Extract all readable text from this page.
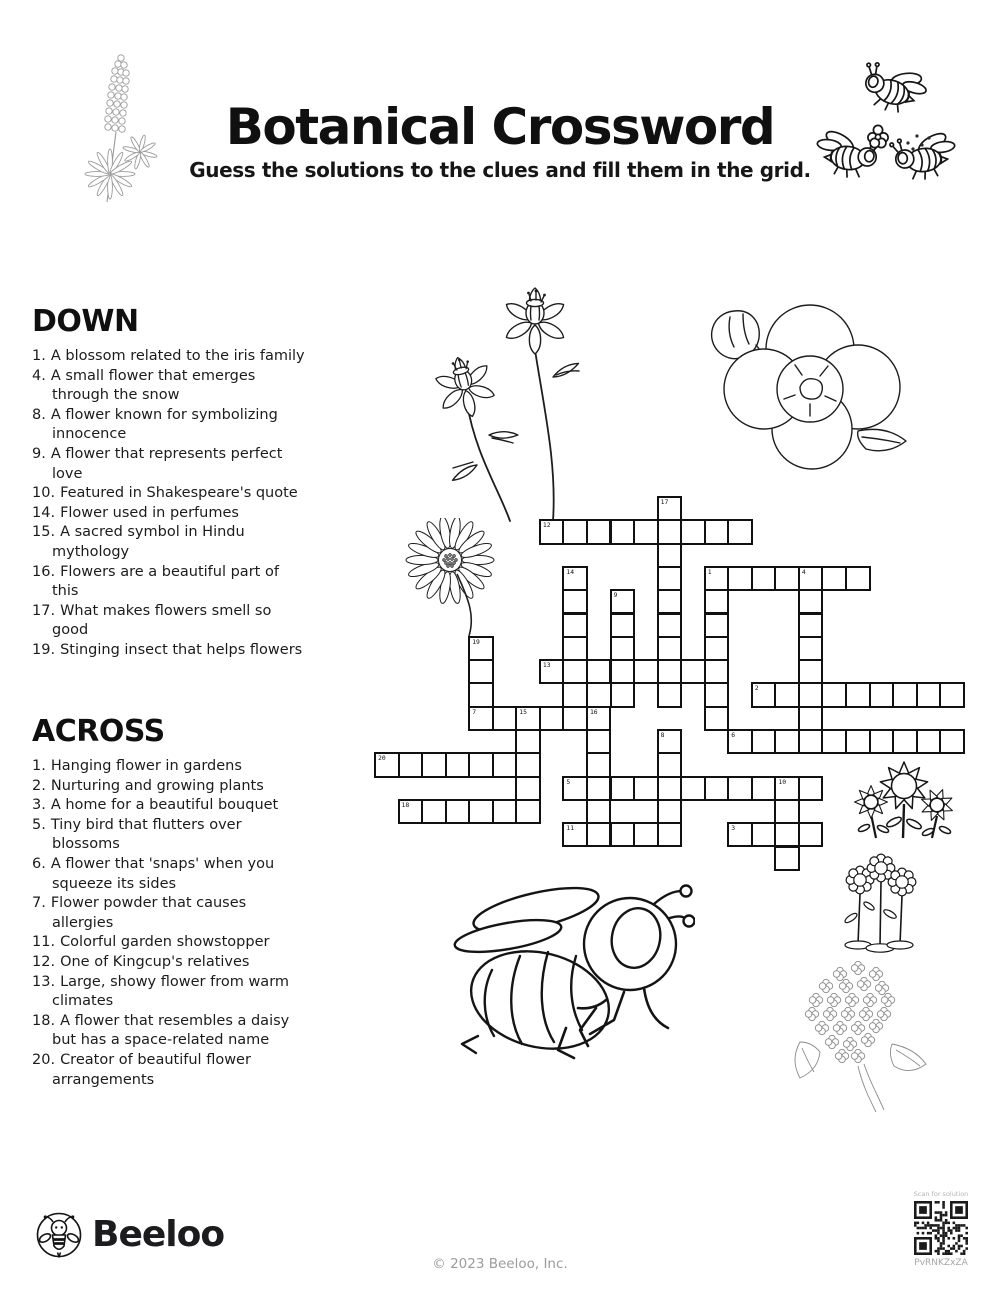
Botanical Crossword

Guess the solutions to the clues and fill them in the grid.

DOWN
1. A blossom related to the iris family
4. A small flower that emerges through the snow
8. A flower known for symbolizing innocence
9. A flower that represents perfect love
10. Featured in Shakespeare's quote
14. Flower used in perfumes
15. A sacred symbol in Hindu mythology
16. Flowers are a beautiful part of this
17. What makes flowers smell so good
19. Stinging insect that helps flowers
ACROSS
1. Hanging flower in gardens
2. Nurturing and growing plants
3. A home for a beautiful bouquet
5. Tiny bird that flutters over blossoms
6. A flower that 'snaps' when you squeeze its sides
7. Flower powder that causes allergies
11. Colorful garden showstopper
12. One of Kingcup's relatives
13. Large, showy flower from warm climates
18. A flower that resembles a daisy but has a space-related name
20. Creator of beautiful flower arrangements
12
1	4
13
2
7	15	16
6
20
5	10
18
11	3
17
14
9
19
8
Beeloo
© 2023 Beeloo, Inc.
Scan for solution
PvRNKZxZA
